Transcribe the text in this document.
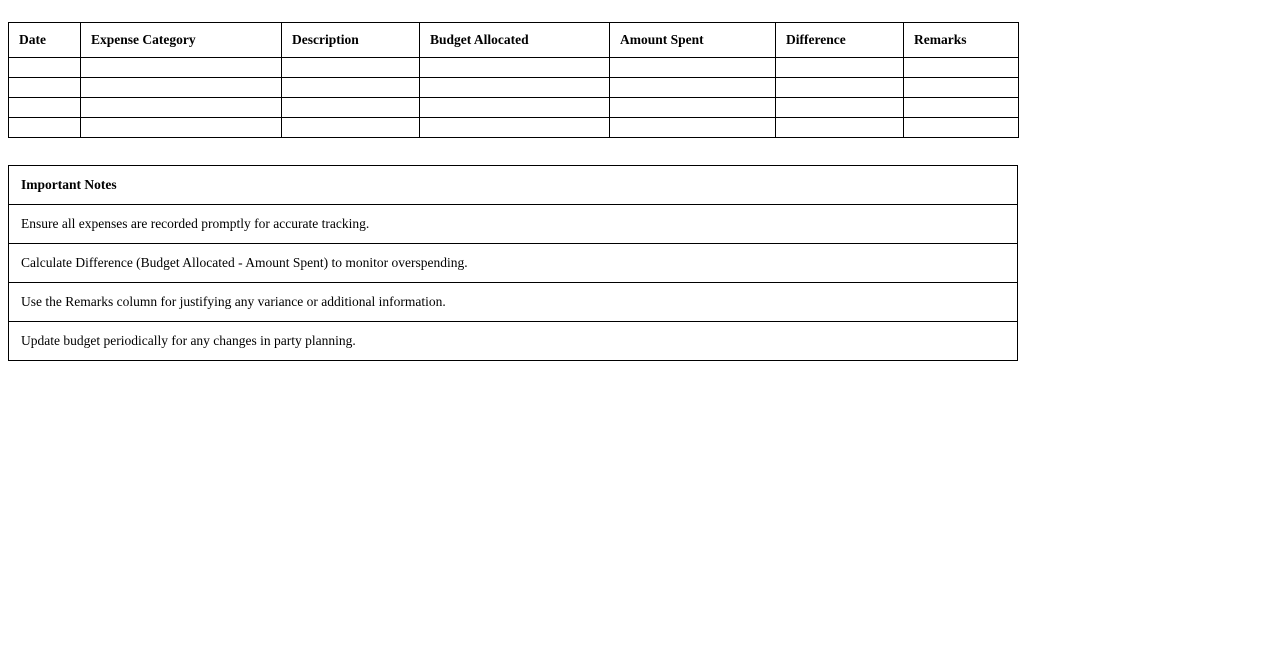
Date	Expense Category	Description	Budget Allocated	Amount Spent	Difference	Remarks

Important Notes
Ensure all expenses are recorded promptly for accurate tracking.
Calculate Difference (Budget Allocated - Amount Spent) to monitor overspending.
Use the Remarks column for justifying any variance or additional information.
Update budget periodically for any changes in party planning.
